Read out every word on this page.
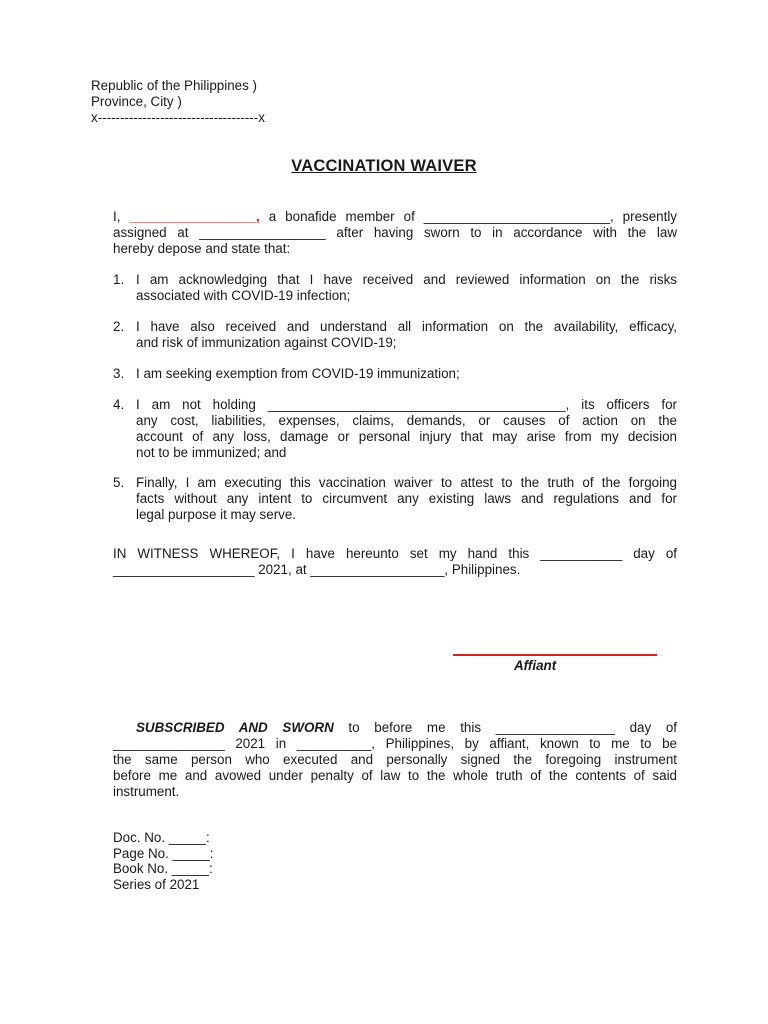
Republic of the Philippines )
Province, City )
x------------------------------------x
VACCINATION WAIVER
I, _________________, a bonafide member of _________________________, presently
assigned at _________________ after having sworn to in accordance with the law
hereby depose and state that:
1. I am acknowledging that I have received and reviewed information on the risks
associated with COVID-19 infection;
2. I have also received and understand all information on the availability, efficacy,
and risk of immunization against COVID-19;
3. I am seeking exemption from COVID-19 immunization;
4. I am not holding ________________________________________, its officers for
any cost, liabilities, expenses, claims, demands, or causes of action on the
account of any loss, damage or personal injury that may arise from my decision
not to be immunized; and
5. Finally, I am executing this vaccination waiver to attest to the truth of the forgoing
facts without any intent to circumvent any existing laws and regulations and for
legal purpose it may serve.
IN WITNESS WHEREOF, I have hereunto set my hand this ___________ day of
___________________ 2021, at __________________, Philippines.
Affiant
SUBSCRIBED AND SWORN to before me this ________________ day of
_______________ 2021 in __________, Philippines, by affiant, known to me to be
the same person who executed and personally signed the foregoing instrument
before me and avowed under penalty of law to the whole truth of the contents of said
instrument.
Doc. No. _____:
Page No. _____:
Book No. _____:
Series of 2021
